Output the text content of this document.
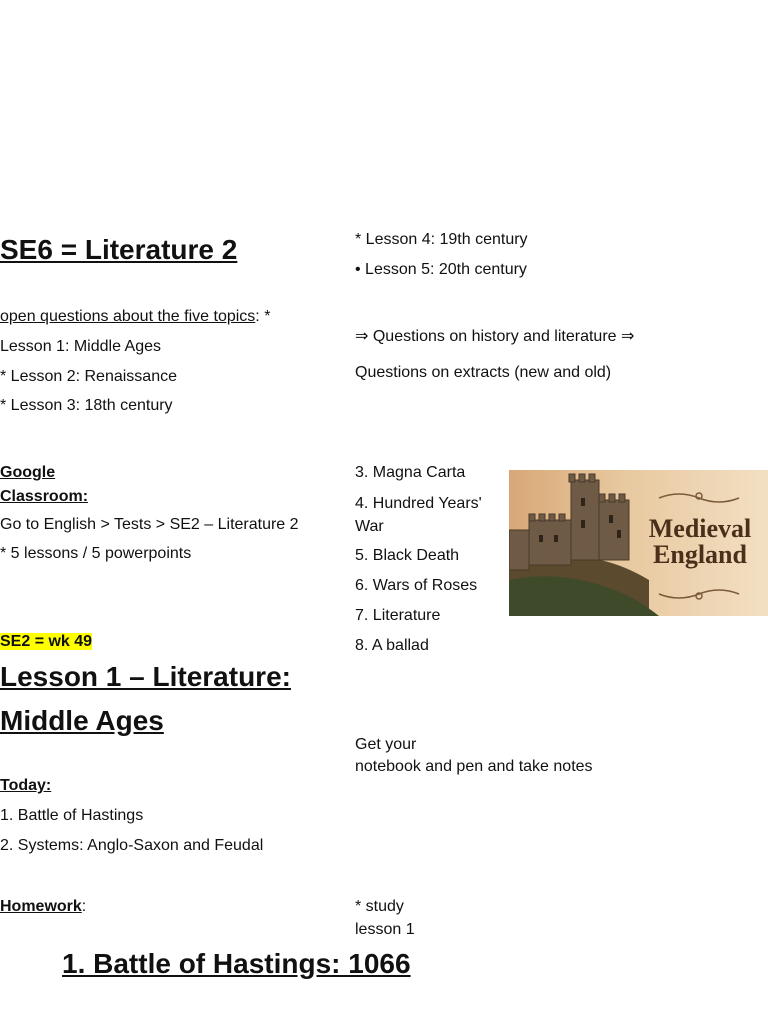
SE6 = Literature 2
open questions about the five topics: *
Lesson 1: Middle Ages
* Lesson 2: Renaissance
* Lesson 3: 18th century
* Lesson 4: 19th century
• Lesson 5: 20th century
⇒ Questions on history and literature ⇒
Questions on extracts (new and old)
Google
Classroom:
Go to English > Tests > SE2 – Literature 2
* 5 lessons / 5 powerpoints
3. Magna Carta
4. Hundred Years'
War
5. Black Death
6. Wars of Roses
7. Literature
8. A ballad
Medieval
England
SE2 = wk 49
Lesson 1 – Literature:
Middle Ages
Get your
notebook and pen and take notes
Today:
1. Battle of Hastings
2. Systems: Anglo-Saxon and Feudal
Homework:	* study
lesson 1
1. Battle of Hastings: 1066
